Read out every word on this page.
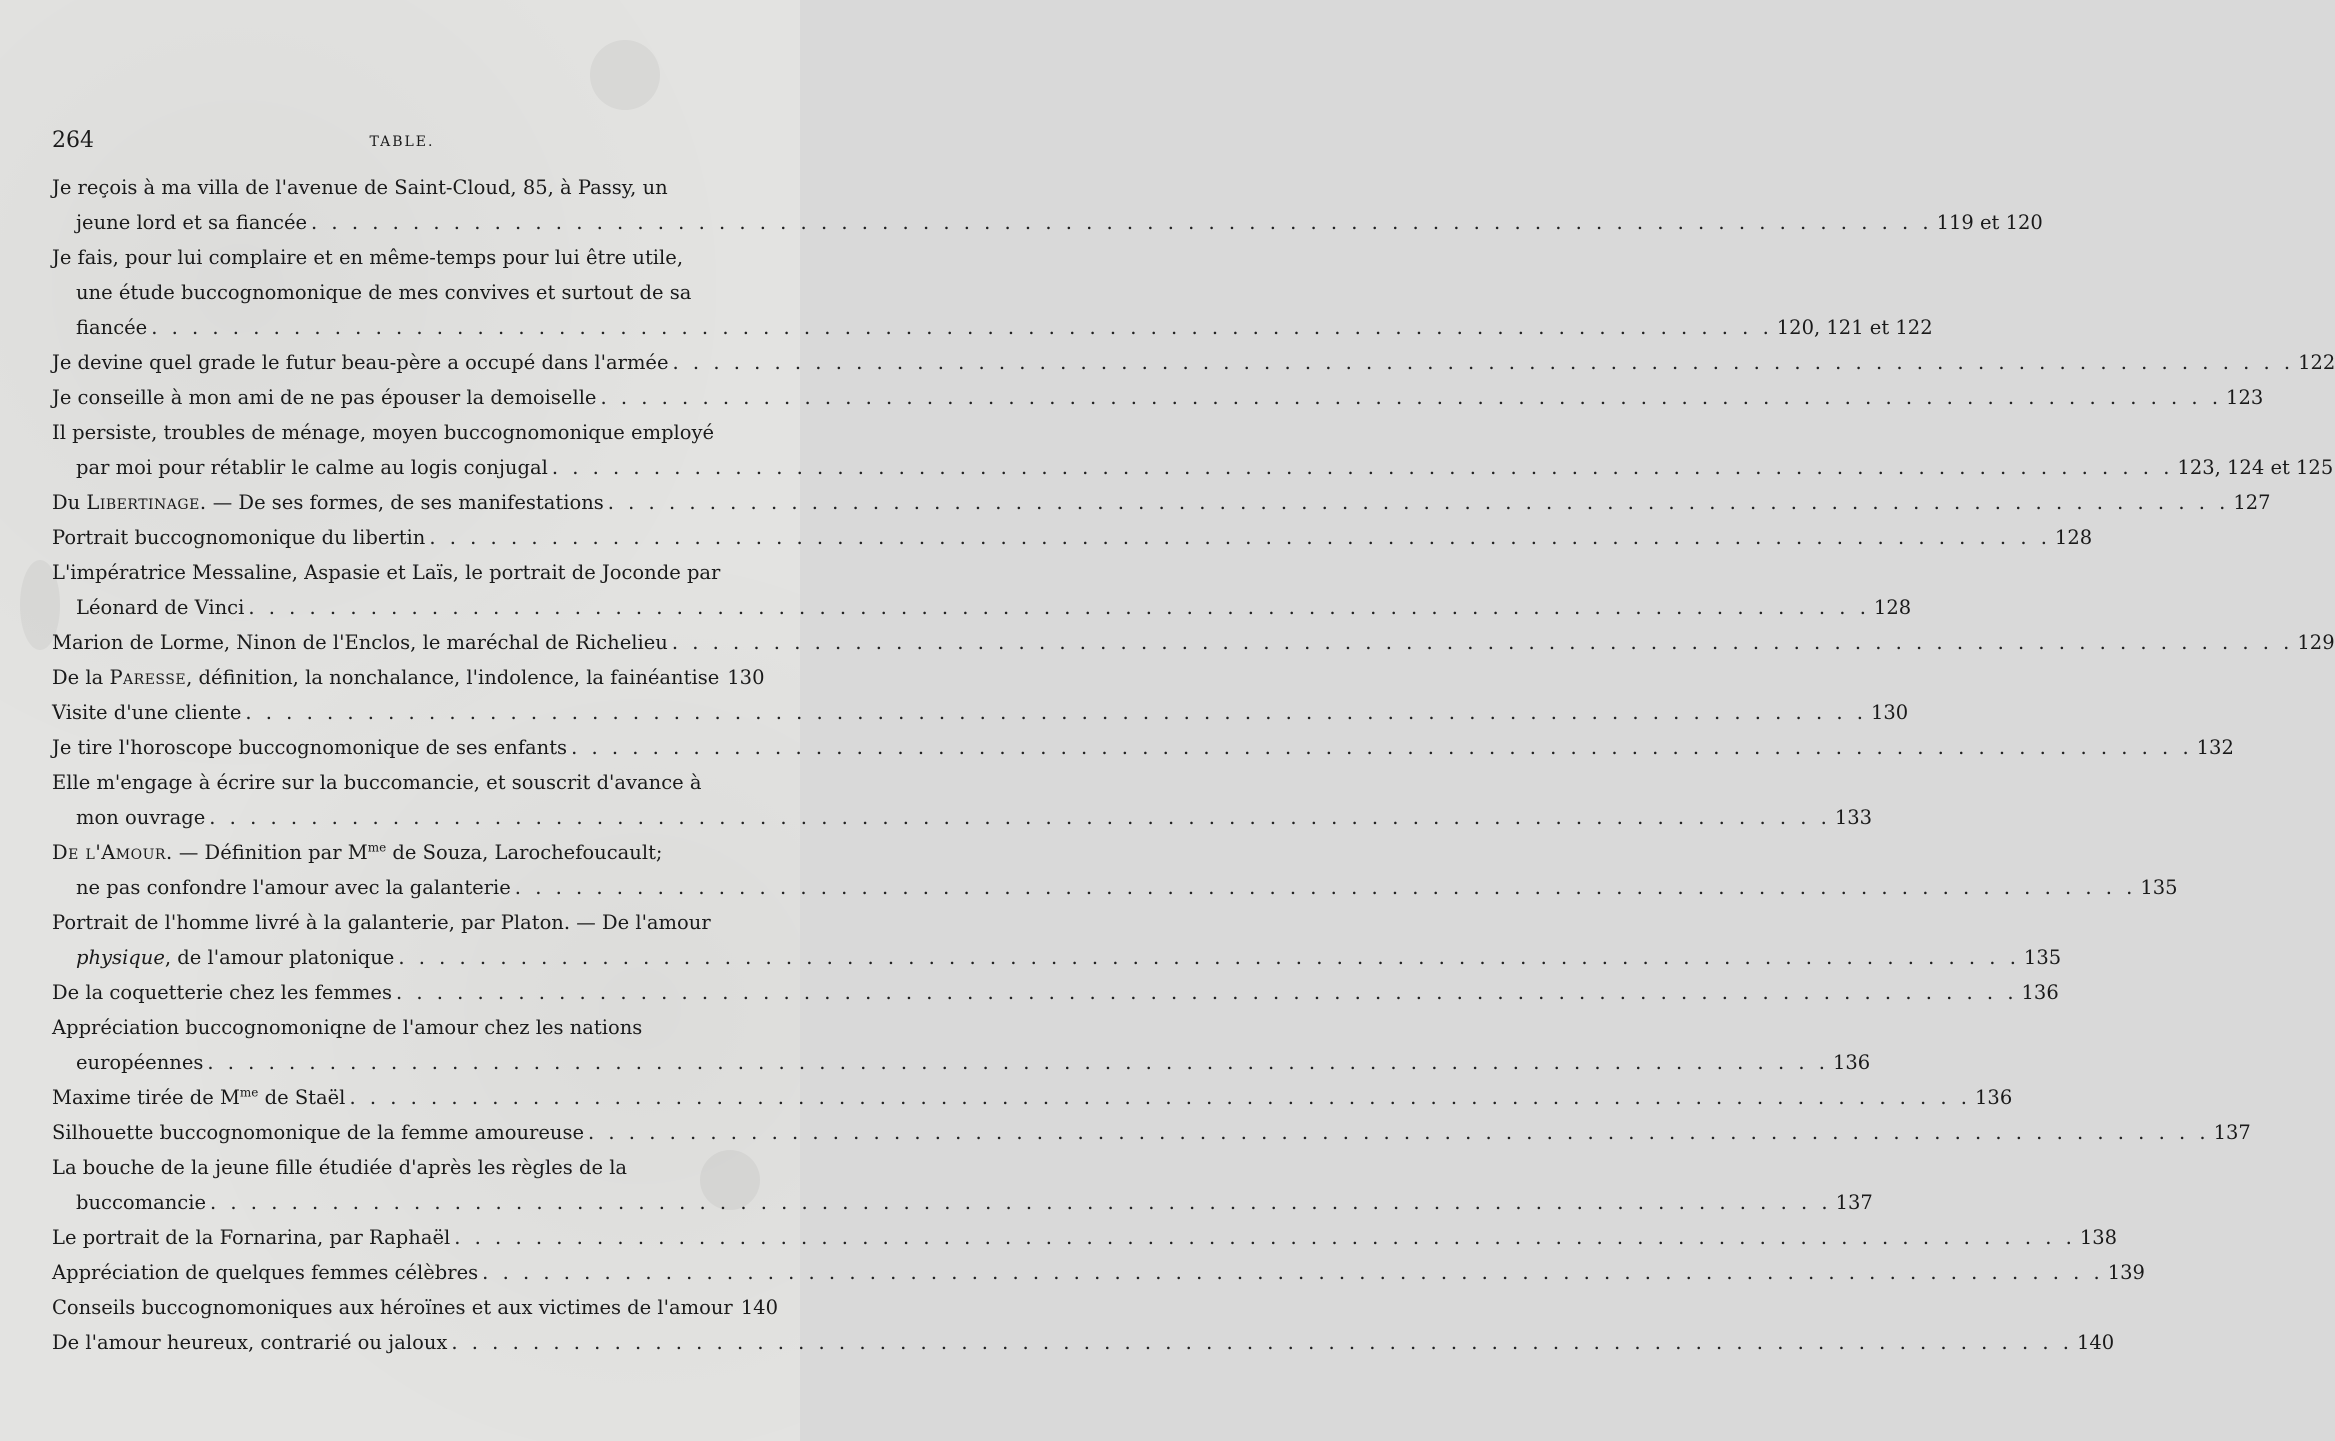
264	TABLE.
Je reçois à ma villa de l'avenue de Saint-Cloud, 85, à Passy, un
jeune lord et sa fiancée . . . . . . . . . . . . . . . . . . . . . . . . . . . . . . . . . . . . . . . . . . . . . . . . . . . . . . . . . . . . . . . . . . . . . . . . . . . . . . . . 119 et 120
Je fais, pour lui complaire et en même-temps pour lui être utile,
une étude buccognomonique de mes convives et surtout de sa
fiancée . . . . . . . . . . . . . . . . . . . . . . . . . . . . . . . . . . . . . . . . . . . . . . . . . . . . . . . . . . . . . . . . . . . . . . . . . . . . . . . . 120, 121 et 122
Je devine quel grade le futur beau-père a occupé dans l'armée . . . . . . . . . . . . . . . . . . . . . . . . . . . . . . . . . . . . . . . . . . . . . . . . . . . . . . . . . . . . . . . . . . . . . . . . . . . . . . . . 122
Je conseille à mon ami de ne pas épouser la demoiselle . . . . . . . . . . . . . . . . . . . . . . . . . . . . . . . . . . . . . . . . . . . . . . . . . . . . . . . . . . . . . . . . . . . . . . . . . . . . . . . . 123
Il persiste, troubles de ménage, moyen buccognomonique employé
par moi pour rétablir le calme au logis conjugal . . . . . . . . . . . . . . . . . . . . . . . . . . . . . . . . . . . . . . . . . . . . . . . . . . . . . . . . . . . . . . . . . . . . . . . . . . . . . . . . 123, 124 et 125
Du Libertinage. — De ses formes, de ses manifestations . . . . . . . . . . . . . . . . . . . . . . . . . . . . . . . . . . . . . . . . . . . . . . . . . . . . . . . . . . . . . . . . . . . . . . . . . . . . . . . . 127
Portrait buccognomonique du libertin . . . . . . . . . . . . . . . . . . . . . . . . . . . . . . . . . . . . . . . . . . . . . . . . . . . . . . . . . . . . . . . . . . . . . . . . . . . . . . . . 128
L'impératrice Messaline, Aspasie et Laïs, le portrait de Joconde par
Léonard de Vinci . . . . . . . . . . . . . . . . . . . . . . . . . . . . . . . . . . . . . . . . . . . . . . . . . . . . . . . . . . . . . . . . . . . . . . . . . . . . . . . . 128
Marion de Lorme, Ninon de l'Enclos, le maréchal de Richelieu . . . . . . . . . . . . . . . . . . . . . . . . . . . . . . . . . . . . . . . . . . . . . . . . . . . . . . . . . . . . . . . . . . . . . . . . . . . . . . . . 129
De la Paresse, définition, la nonchalance, l'indolence, la fainéantise 130
Visite d'une cliente . . . . . . . . . . . . . . . . . . . . . . . . . . . . . . . . . . . . . . . . . . . . . . . . . . . . . . . . . . . . . . . . . . . . . . . . . . . . . . . . 130
Je tire l'horoscope buccognomonique de ses enfants . . . . . . . . . . . . . . . . . . . . . . . . . . . . . . . . . . . . . . . . . . . . . . . . . . . . . . . . . . . . . . . . . . . . . . . . . . . . . . . . 132
Elle m'engage à écrire sur la buccomancie, et souscrit d'avance à
mon ouvrage . . . . . . . . . . . . . . . . . . . . . . . . . . . . . . . . . . . . . . . . . . . . . . . . . . . . . . . . . . . . . . . . . . . . . . . . . . . . . . . . 133
De l'Amour. — Définition par $M^{me}$ de Souza, Larochefoucault;
ne pas confondre l'amour avec la galanterie . . . . . . . . . . . . . . . . . . . . . . . . . . . . . . . . . . . . . . . . . . . . . . . . . . . . . . . . . . . . . . . . . . . . . . . . . . . . . . . . 135
Portrait de l'homme livré à la galanterie, par Platon. — De l'amour
physique, de l'amour platonique . . . . . . . . . . . . . . . . . . . . . . . . . . . . . . . . . . . . . . . . . . . . . . . . . . . . . . . . . . . . . . . . . . . . . . . . . . . . . . . . 135
De la coquetterie chez les femmes . . . . . . . . . . . . . . . . . . . . . . . . . . . . . . . . . . . . . . . . . . . . . . . . . . . . . . . . . . . . . . . . . . . . . . . . . . . . . . . . 136
Appréciation buccognomoniqne de l'amour chez les nations
européennes . . . . . . . . . . . . . . . . . . . . . . . . . . . . . . . . . . . . . . . . . . . . . . . . . . . . . . . . . . . . . . . . . . . . . . . . . . . . . . . . 136
Maxime tirée de $M^{me}$ de Staël . . . . . . . . . . . . . . . . . . . . . . . . . . . . . . . . . . . . . . . . . . . . . . . . . . . . . . . . . . . . . . . . . . . . . . . . . . . . . . . . 136
Silhouette buccognomonique de la femme amoureuse . . . . . . . . . . . . . . . . . . . . . . . . . . . . . . . . . . . . . . . . . . . . . . . . . . . . . . . . . . . . . . . . . . . . . . . . . . . . . . . . 137
La bouche de la jeune fille étudiée d'après les règles de la
buccomancie . . . . . . . . . . . . . . . . . . . . . . . . . . . . . . . . . . . . . . . . . . . . . . . . . . . . . . . . . . . . . . . . . . . . . . . . . . . . . . . . 137
Le portrait de la Fornarina, par Raphaël . . . . . . . . . . . . . . . . . . . . . . . . . . . . . . . . . . . . . . . . . . . . . . . . . . . . . . . . . . . . . . . . . . . . . . . . . . . . . . . . 138
Appréciation de quelques femmes célèbres . . . . . . . . . . . . . . . . . . . . . . . . . . . . . . . . . . . . . . . . . . . . . . . . . . . . . . . . . . . . . . . . . . . . . . . . . . . . . . . . 139
Conseils buccognomoniques aux héroïnes et aux victimes de l'amour 140
De l'amour heureux, contrarié ou jaloux . . . . . . . . . . . . . . . . . . . . . . . . . . . . . . . . . . . . . . . . . . . . . . . . . . . . . . . . . . . . . . . . . . . . . . . . . . . . . . . . 140
